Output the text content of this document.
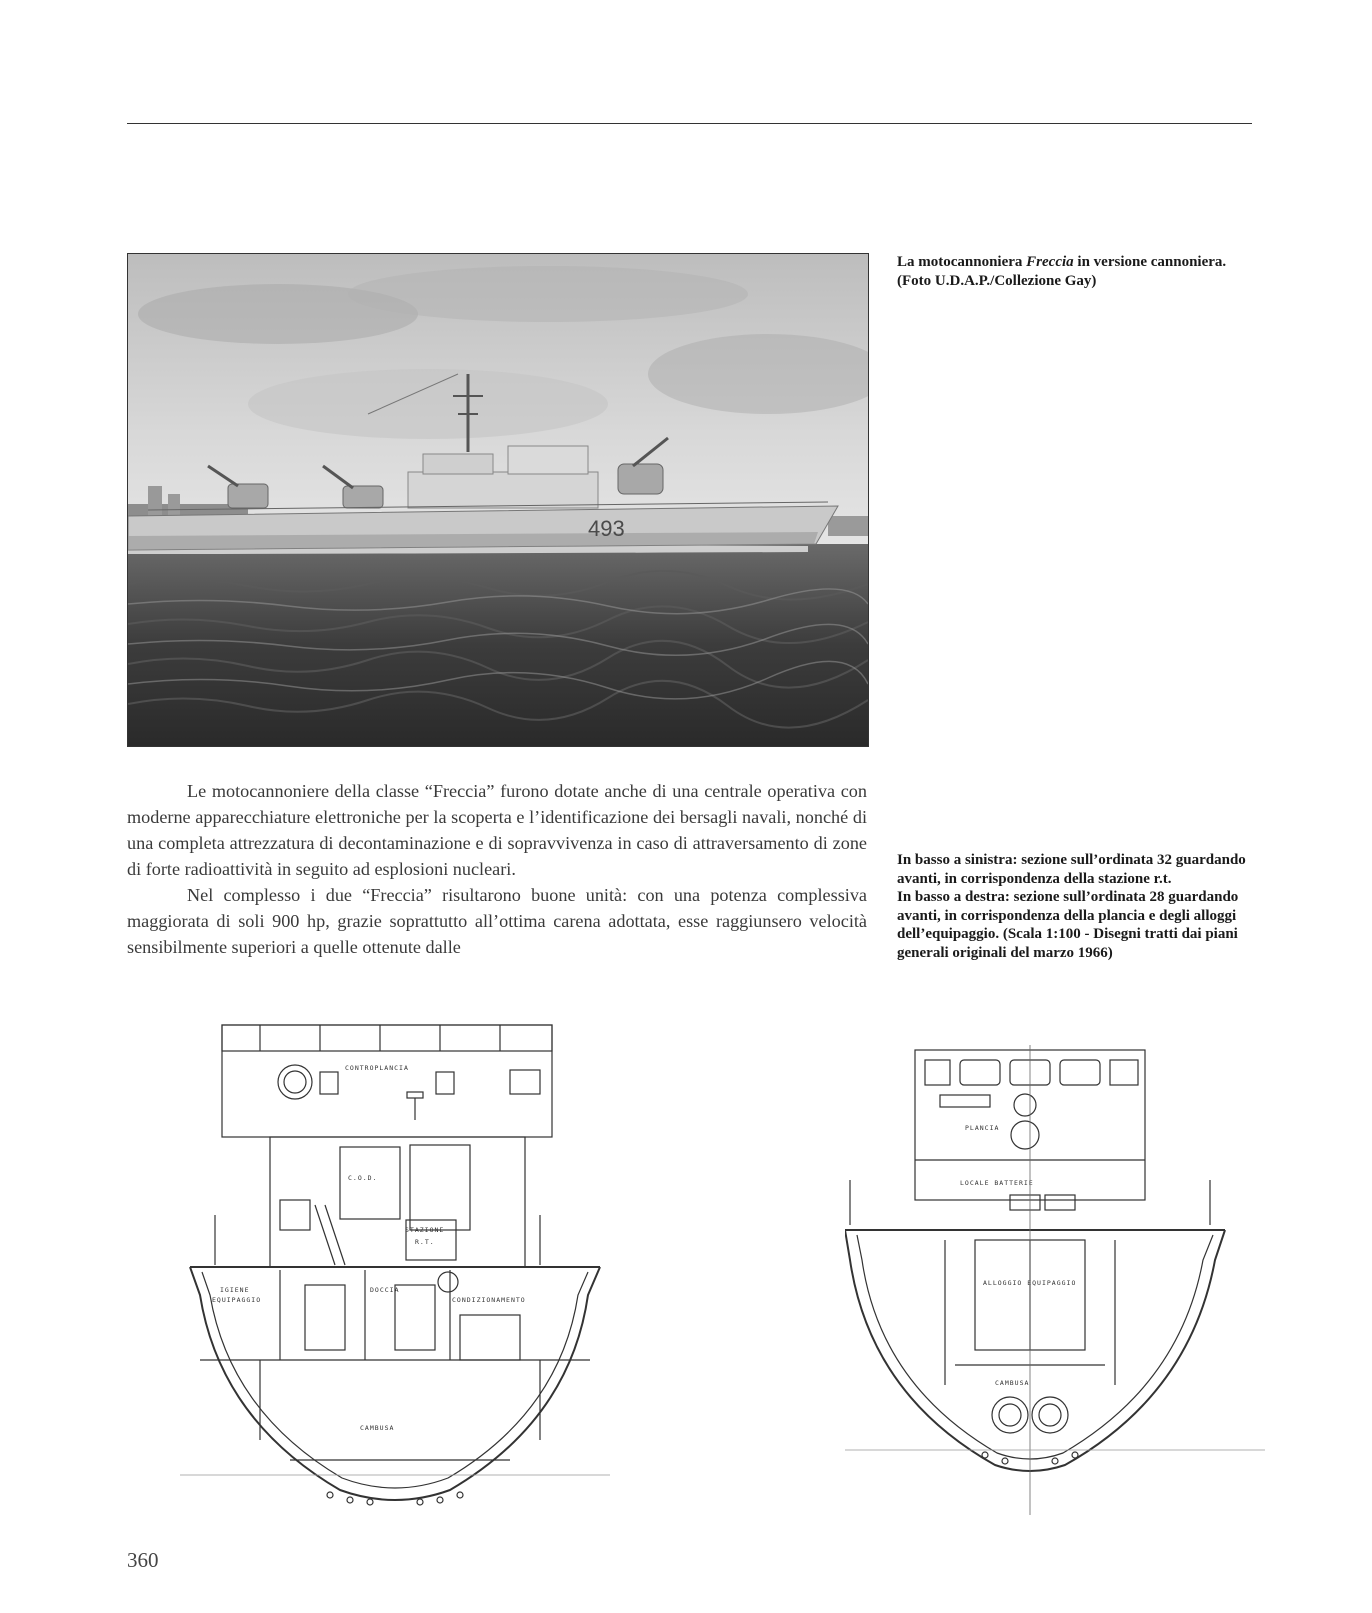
493
La motocannoniera Freccia in versione cannoniera. (Foto U.D.A.P./Collezione Gay)

Le motocannoniere della classe “Freccia” furono dotate anche di una centrale operativa con moderne apparecchiature elettroniche per la scoperta e l’identificazione dei bersagli navali, nonché di una completa attrezzatura di decontaminazione e di sopravvivenza in caso di attraversamento di zone di forte radioattività in seguito ad esplosioni nucleari.

Nel complesso i due “Freccia” risultarono buone unità: con una potenza complessiva maggiorata di soli 900 hp, grazie soprattutto all’ottima carena adottata, esse raggiunsero velocità sensibilmente superiori a quelle ottenute dalle

In basso a sinistra: sezione sull’ordinata 32 guardando avanti, in corrispondenza della stazione r.t.

In basso a destra: sezione sull’ordinata 28 guardando avanti, in corrispondenza della plancia e degli alloggi dell’equipaggio. (Scala 1:100 - Disegni tratti dai piani generali originali del marzo 1966)

CONTROPLANCIA
C.O.D.
STAZIONE
R.T.
IGIENE
EQUIPAGGIO
DOCCIA
CONDIZIONAMENTO
CAMBUSA
PLANCIA
LOCALE BATTERIE
ALLOGGIO EQUIPAGGIO
CAMBUSA
360
